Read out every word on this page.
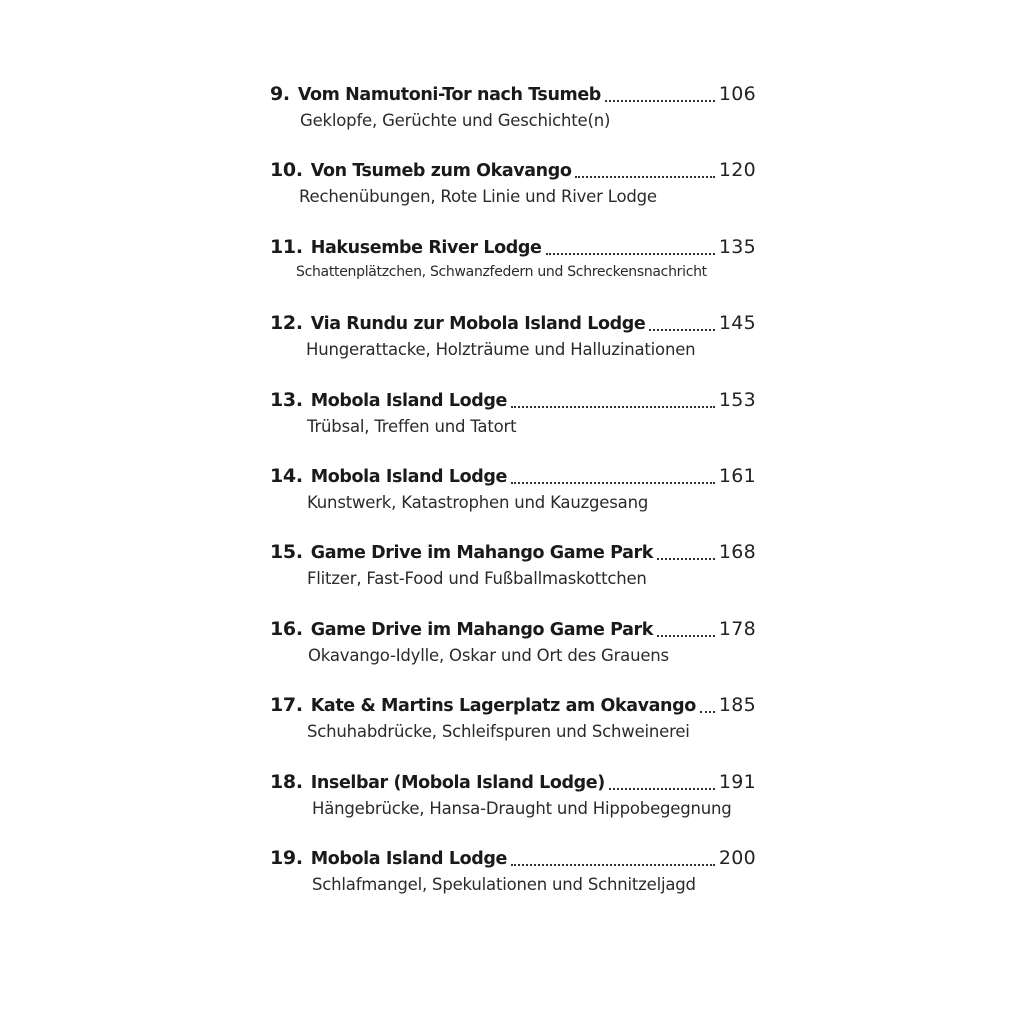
9. Vom Namutoni-Tor nach Tsumeb	106
Geklopfe, Gerüchte und Geschichte(n)
10. Von Tsumeb zum Okavango	120
Rechenübungen, Rote Linie und River Lodge
11. Hakusembe River Lodge	135
Schattenplätzchen, Schwanzfedern und Schreckensnachricht
12. Via Rundu zur Mobola Island Lodge	145
Hungerattacke, Holzträume und Halluzinationen
13. Mobola Island Lodge	153
Trübsal, Treffen und Tatort
14. Mobola Island Lodge	161
Kunstwerk, Katastrophen und Kauzgesang
15. Game Drive im Mahango Game Park	168
Flitzer, Fast-Food und Fußballmaskottchen
16. Game Drive im Mahango Game Park	178
Okavango-Idylle, Oskar und Ort des Grauens
17. Kate & Martins Lagerplatz am Okavango 185
Schuhabdrücke, Schleifspuren und Schweinerei
18. Inselbar (Mobola Island Lodge)	191
Hängebrücke, Hansa-Draught und Hippobegegnung
19. Mobola Island Lodge	200
Schlafmangel, Spekulationen und Schnitzeljagd
